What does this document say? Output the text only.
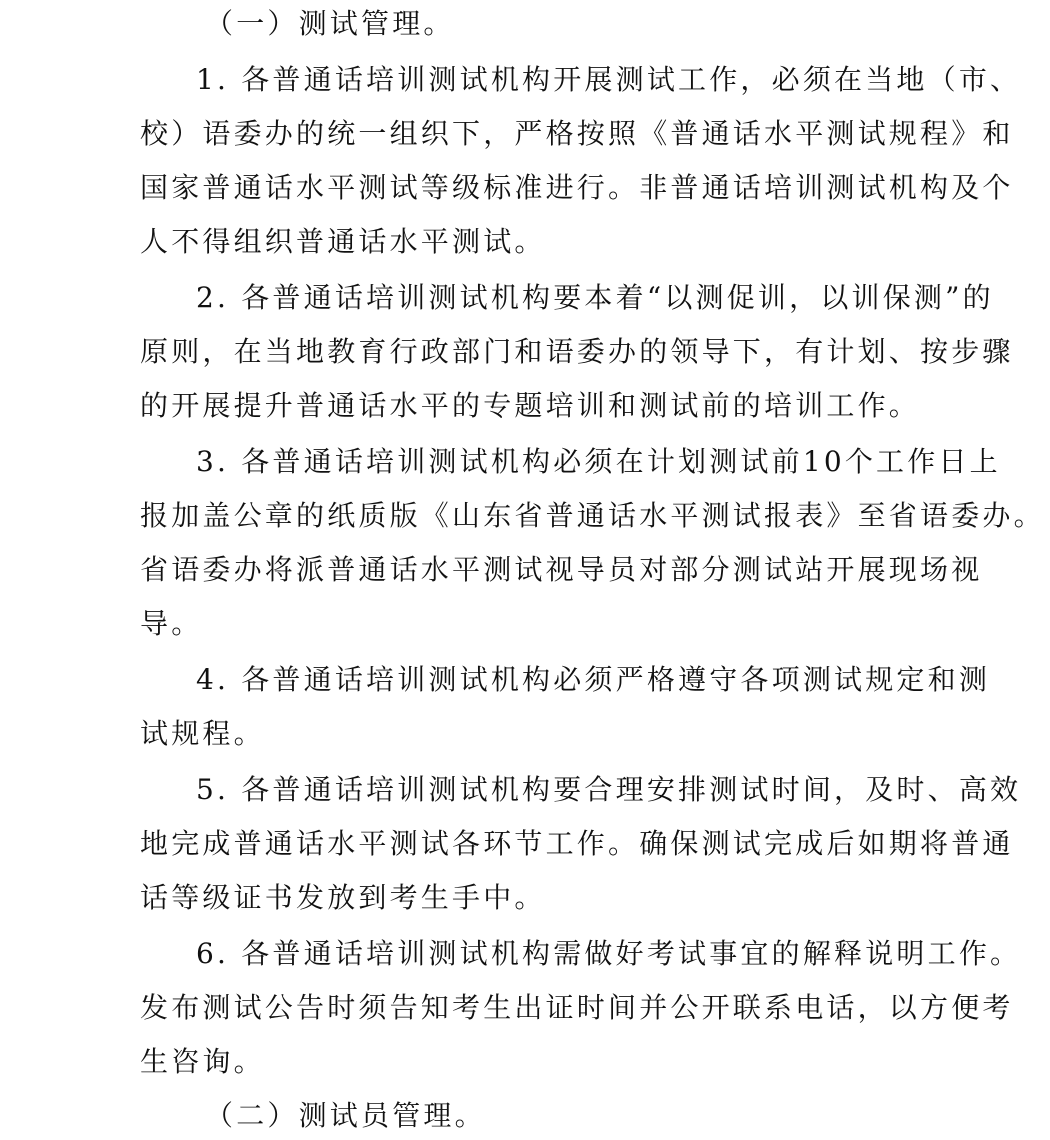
（一）测试管理。
1. 各普通话培训测试机构开展测试工作，必须在当地（市、
校）语委办的统一组织下，严格按照《普通话水平测试规程》和
国家普通话水平测试等级标准进行。非普通话培训测试机构及个
人不得组织普通话水平测试。
2. 各普通话培训测试机构要本着“以测促训，以训保测”的
原则，在当地教育行政部门和语委办的领导下，有计划、按步骤
的开展提升普通话水平的专题培训和测试前的培训工作。
3. 各普通话培训测试机构必须在计划测试前10个工作日上
报加盖公章的纸质版《山东省普通话水平测试报表》至省语委办。
省语委办将派普通话水平测试视导员对部分测试站开展现场视
导。
4. 各普通话培训测试机构必须严格遵守各项测试规定和测
试规程。
5. 各普通话培训测试机构要合理安排测试时间，及时、高效
地完成普通话水平测试各环节工作。确保测试完成后如期将普通
话等级证书发放到考生手中。
6. 各普通话培训测试机构需做好考试事宜的解释说明工作。
发布测试公告时须告知考生出证时间并公开联系电话，以方便考
生咨询。
（二）测试员管理。
